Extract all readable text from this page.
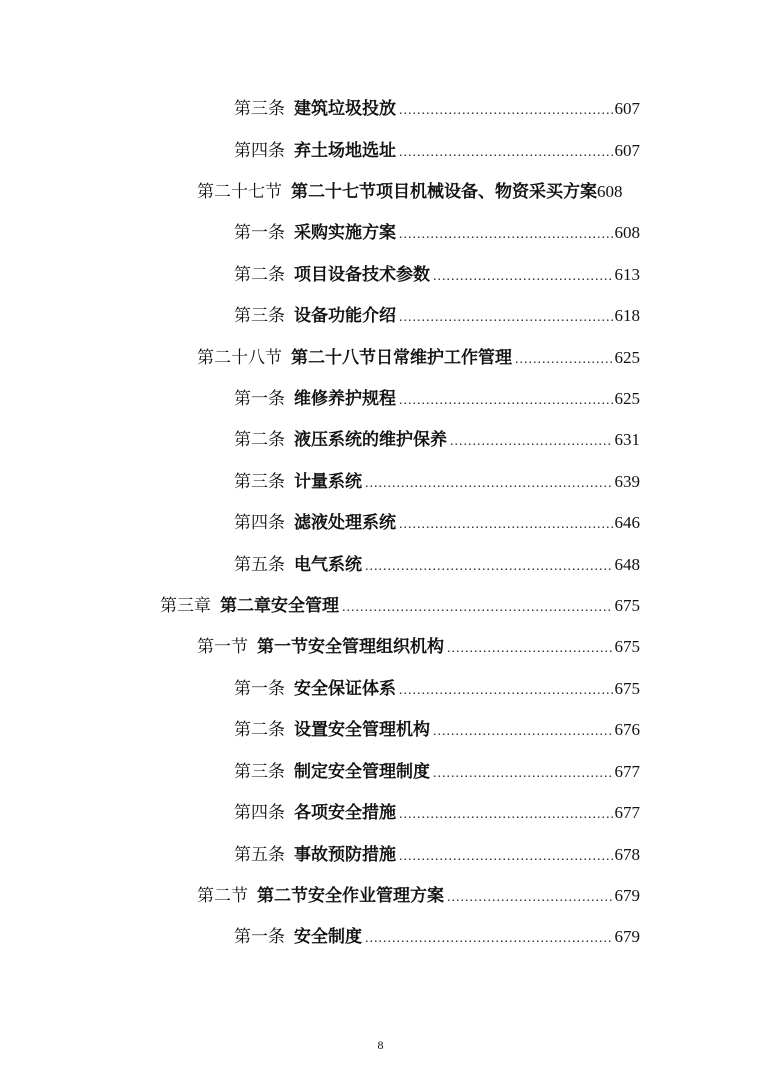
第三条 建筑垃圾投放 .....	607
第四条 弃土场地选址 .....	607
第二十七节 第二十七节项目机械设备、物资采买方案 608
第一条 采购实施方案 .....	608
第二条 项目设备技术参数 .....	613
第三条 设备功能介绍 .....	618
第二十八节 第二十八节日常维护工作管理 .....	625
第一条 维修养护规程 .....	625
第二条 液压系统的维护保养 .....	631
第三条 计量系统 .....	639
第四条 滤液处理系统 .....	646
第五条 电气系统 .....	648
第三章 第二章安全管理 .....	675
第一节 第一节安全管理组织机构 .....	675
第一条 安全保证体系 .....	675
第二条 设置安全管理机构 .....	676
第三条 制定安全管理制度 .....	677
第四条 各项安全措施 .....	677
第五条 事故预防措施 .....	678
第二节 第二节安全作业管理方案 .....	679
第一条 安全制度 .....	679
8
